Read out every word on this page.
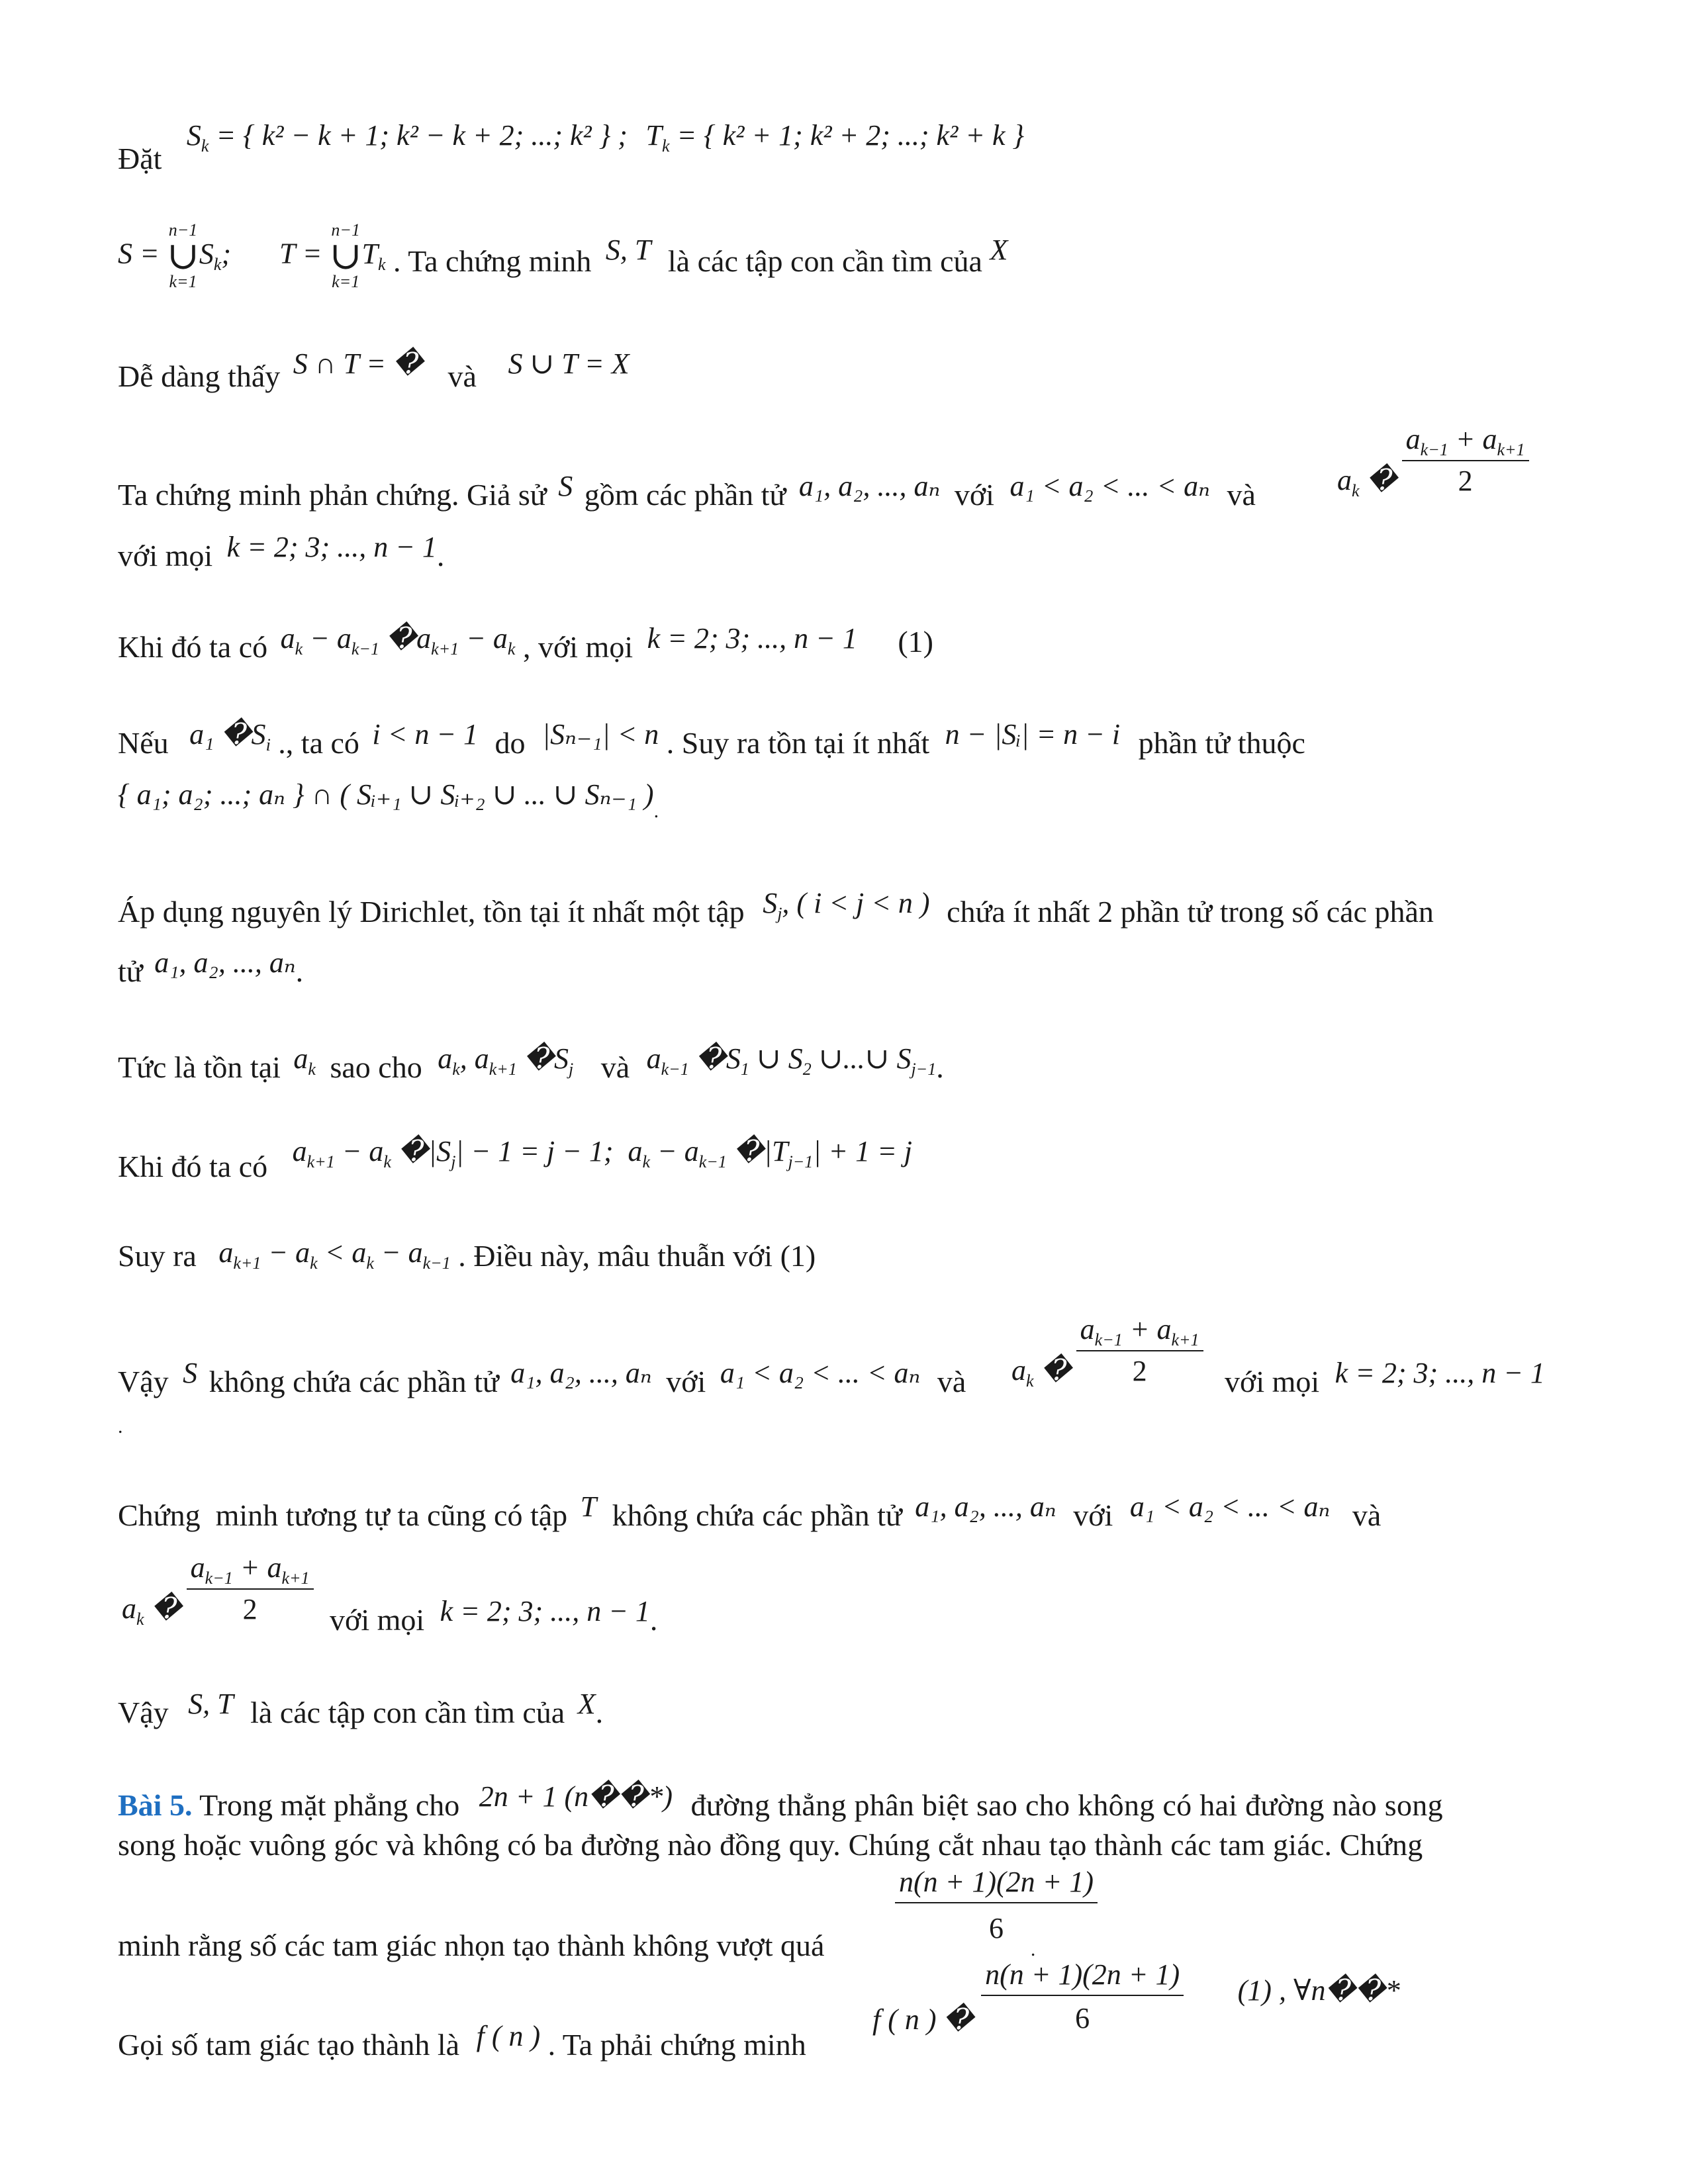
Đặt $S_k$ = { k² − k + 1; k² − k + 2; ...; k² } ; $T_k$ = { k² + 1; k² + 2; ...; k² + k }
S =
n−1
∪
k=1
$S_k$; T =
n−1
∪
k=1
$T_k$ . Ta chứng minh S, T là các tập con cần tìm của X
Dễ dàng thấy S ∩ T = � và S ∪ T = X
Ta chứng minh phản chứng. Giả sử S gồm các phần tử a₁, a₂, ..., aₙ với a₁ < a₂ < ... < aₙ và	$a_k$ � $\frac{a_{k-1} + a_{k+1}}{2}$
với mọi k = 2; 3; ..., n − 1.
Khi đó ta có $a_k - a_{k-1}$ $�a_{k+1} - a_k$ , với mọi k = 2; 3; ..., n − 1 (1)
Nếu a₁ $�S_i$ ., ta có i < n − 1 do |Sₙ₋₁| < n . Suy ra tồn tại ít nhất n − |Sᵢ| = n − i phần tử thuộc
{ a₁; a₂; ...; aₙ } ∩ ( Sᵢ₊₁ ∪ Sᵢ₊₂ ∪ ... ∪ Sₙ₋₁ )$_.$
Áp dụng nguyên lý Dirichlet, tồn tại ít nhất một tập $S_j$, ( i < j < n ) chứa ít nhất 2 phần tử trong số các phần
tử a₁, a₂, ..., aₙ.
Tức là tồn tại $a_k$ sao cho $a_k$, $a_{k+1}$ $�S_j$ và $a_{k-1}$ $�S_1$ ∪ $S_2$ ∪...∪ $S_{j-1}$.
Khi đó ta có $a_{k+1} - a_k$ $�|S_j| - 1 = j - 1$;  $a_k - a_{k-1}$ $�|T_{j-1}| + 1 = j$
Suy ra $a_{k+1} - a_k < a_k - a_{k-1}$ . Điều này, mâu thuẫn với (1)
Vậy S không chứa các phần tử a₁, a₂, ..., aₙ với a₁ < a₂ < ... < aₙ và $a_k$ � $\frac{a_{k-1} + a_{k+1}}{2}$ với mọi k = 2; 3; ..., n − 1
.
Chứng  minh tương tự ta cũng có tập T không chứa các phần tử a₁, a₂, ..., aₙ với a₁ < a₂ < ... < aₙ và
$a_k$ � $\frac{a_{k-1} + a_{k+1}}{2}$ với mọi k = 2; 3; ..., n − 1.
Vậy S, T là các tập con cần tìm của X.
Bài 5. Trong mặt phẳng cho 2n + 1 (n��*) đường thẳng phân biệt sao cho không có hai đường nào song
song hoặc vuông góc và không có ba đường nào đồng quy. Chúng cắt nhau tạo thành các tam giác. Chứng
$\frac{n(n + 1)(2n + 1)}{6}$
minh rằng số các tam giác nhọn tạo thành không vượt quá	.
Gọi số tam giác tạo thành là f ( n ) . Ta phải chứng minh
f ( n ) � $\frac{n(n + 1)(2n + 1)}{6} (1)$ , ∀n��*
